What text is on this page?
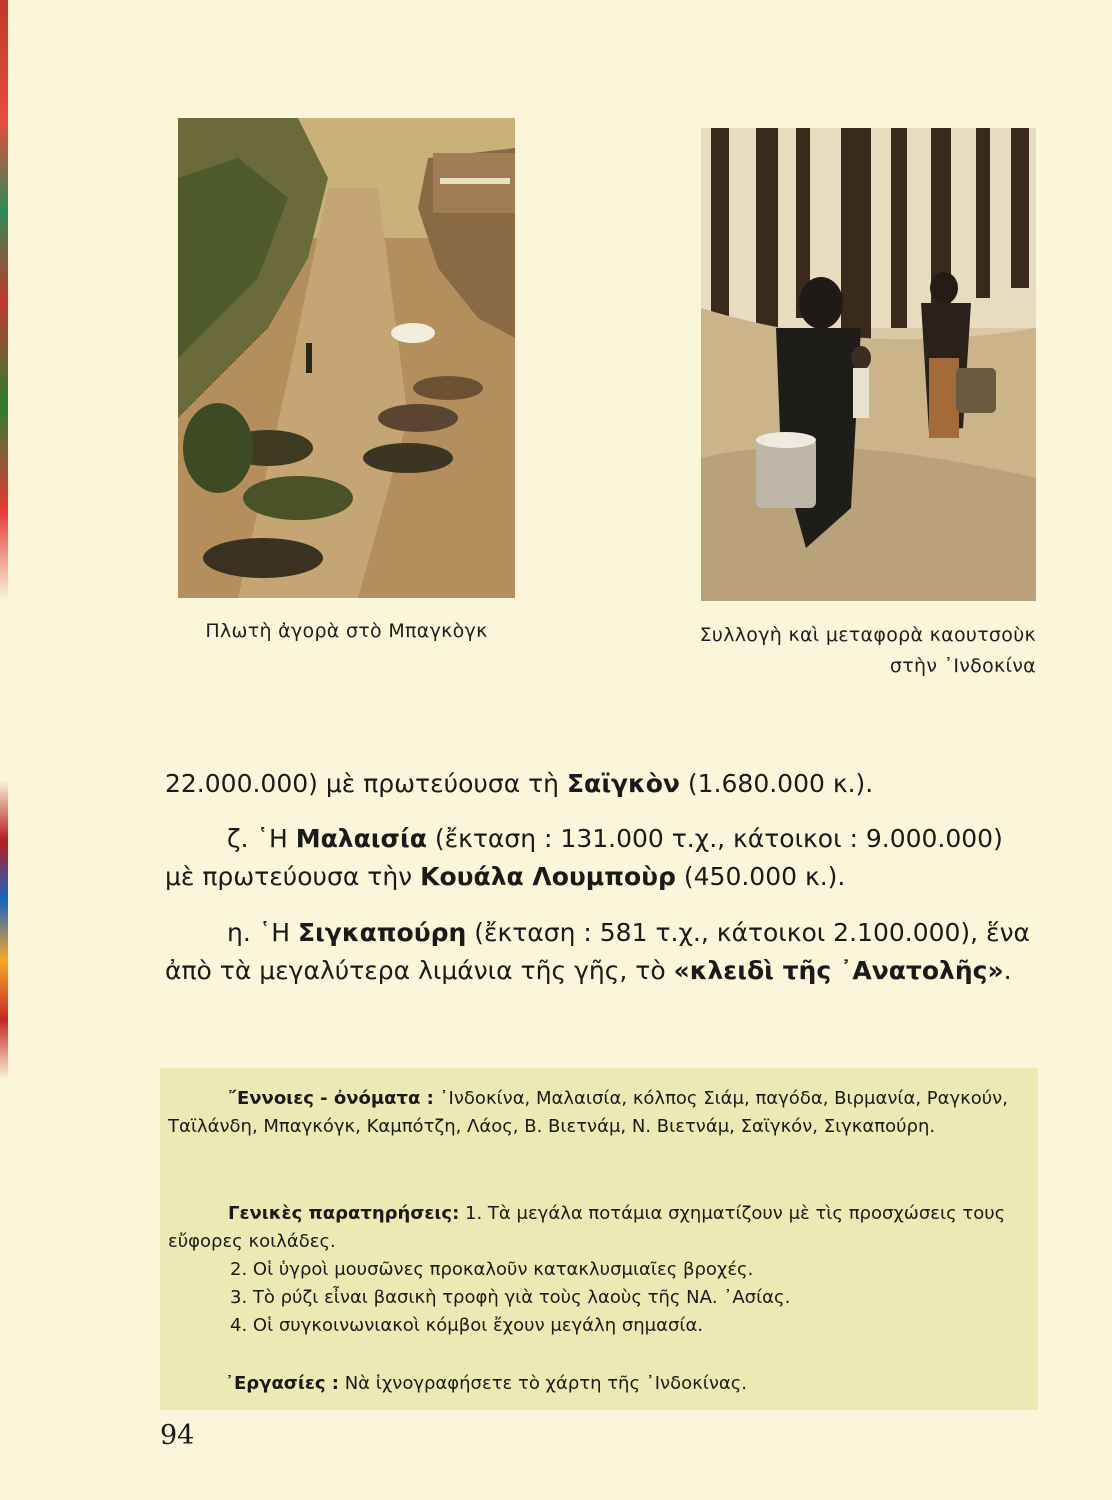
Πλωτὴ ἀγορὰ στὸ Μπαγκὸγκ	Συλλογὴ καὶ μεταφορὰ καουτσοὺκ
στὴν ᾿Ινδοκίνα
22.000.000) μὲ πρωτεύουσα τὴ Σαϊγκὸν (1.680.000 κ.).
ζ. ῾Η Μαλαισία (ἔκταση : 131.000 τ.χ., κάτοικοι : 9.000.000) μὲ πρωτεύουσα τὴν Κουάλα Λουμποὺρ (450.000 κ.).
η. ῾Η Σιγκαπούρη (ἔκταση : 581 τ.χ., κάτοικοι 2.100.000), ἕνα ἀπὸ τὰ μεγαλύτερα λιμάνια τῆς γῆς, τὸ «κλειδὶ τῆς ᾿Ανατολῆς».
῎Εννοιες - ὀνόματα : ᾿Ινδοκίνα, Μαλαισία, κόλπος Σιάμ, παγόδα, Βιρμανία, Ραγκούν, Ταϊλάνδη, Μπαγκόγκ, Καμπότζη, Λάος, Β. Βιετνάμ, Ν. Βιετνάμ, Σαϊγκόν, Σιγκαπούρη.
Γενικὲς παρατηρήσεις: 1. Τὰ μεγάλα ποτάμια σχηματίζουν μὲ τὶς προσχώσεις τους εὔφορες κοιλάδες.
2. Οἱ ὑγροὶ μουσῶνες προκαλοῦν κατακλυσμιαῖες βροχές.
3. Τὸ ρύζι εἶναι βασικὴ τροφὴ γιὰ τοὺς λαοὺς τῆς ΝΑ. ᾿Ασίας.
4. Οἱ συγκοινωνιακοὶ κόμβοι ἔχουν μεγάλη σημασία.
᾿Εργασίες : Νὰ ἰχνογραφήσετε τὸ χάρτη τῆς ᾿Ινδοκίνας.
94
